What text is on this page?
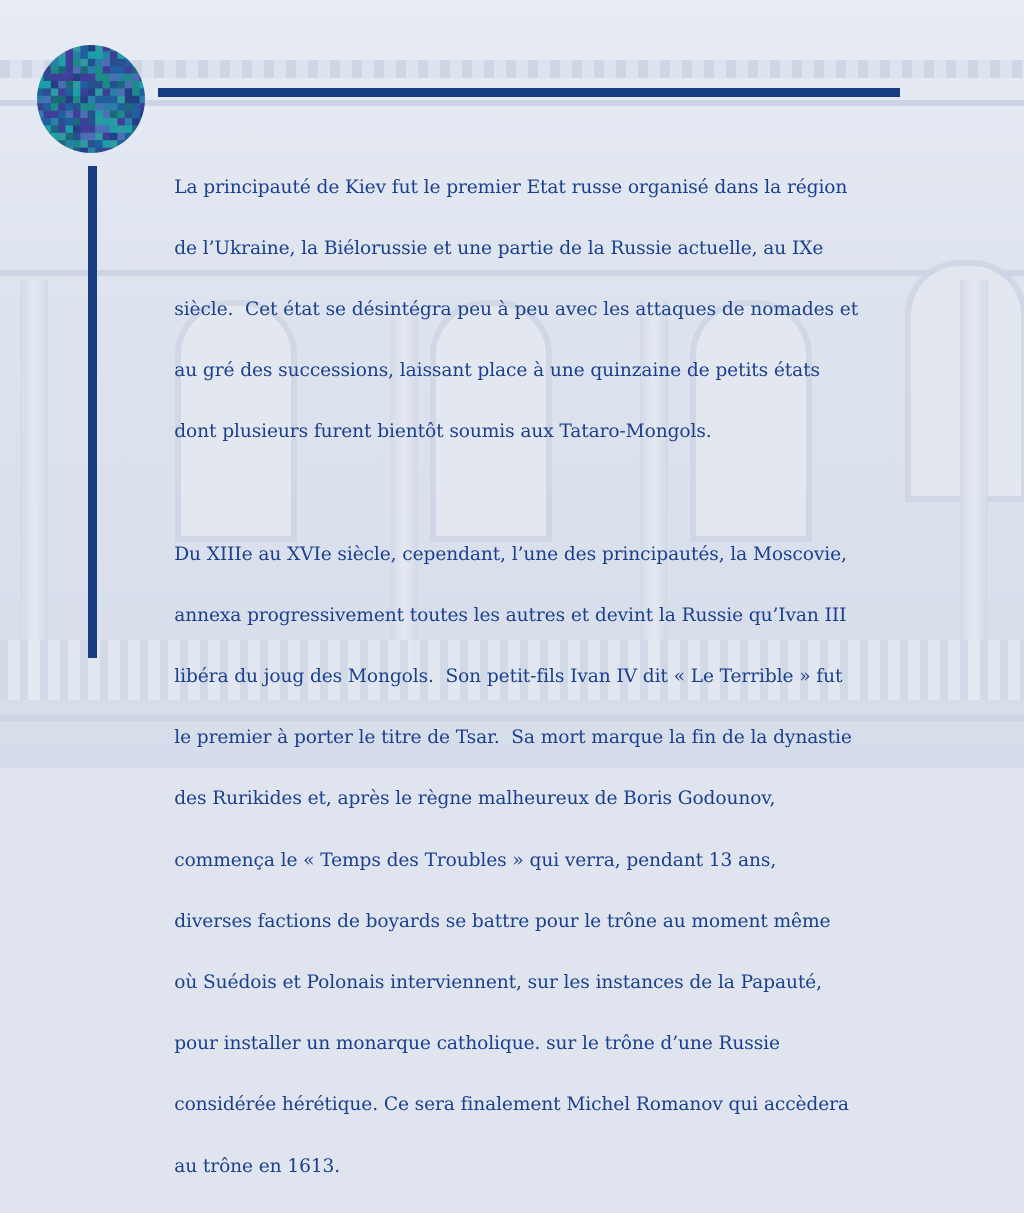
La principauté de Kiev fut le premier Etat russe organisé dans la région

de l’Ukraine, la Biélorussie et une partie de la Russie actuelle, au IXe

siècle.  Cet état se désintégra peu à peu avec les attaques de nomades et

au gré des successions, laissant place à une quinzaine de petits états

dont plusieurs furent bientôt soumis aux Tataro-Mongols.

Du XIIIe au XVIe siècle, cependant, l’une des principautés, la Moscovie,

annexa progressivement toutes les autres et devint la Russie qu’Ivan III

libéra du joug des Mongols.  Son petit-fils Ivan IV dit « Le Terrible » fut

le premier à porter le titre de Tsar.  Sa mort marque la fin de la dynastie

des Rurikides et, après le règne malheureux de Boris Godounov,

commença le « Temps des Troubles » qui verra, pendant 13 ans,

diverses factions de boyards se battre pour le trône au moment même

où Suédois et Polonais interviennent, sur les instances de la Papauté,

pour installer un monarque catholique. sur le trône d’une Russie

considérée hérétique. Ce sera finalement Michel Romanov qui accèdera

au trône en 1613.
